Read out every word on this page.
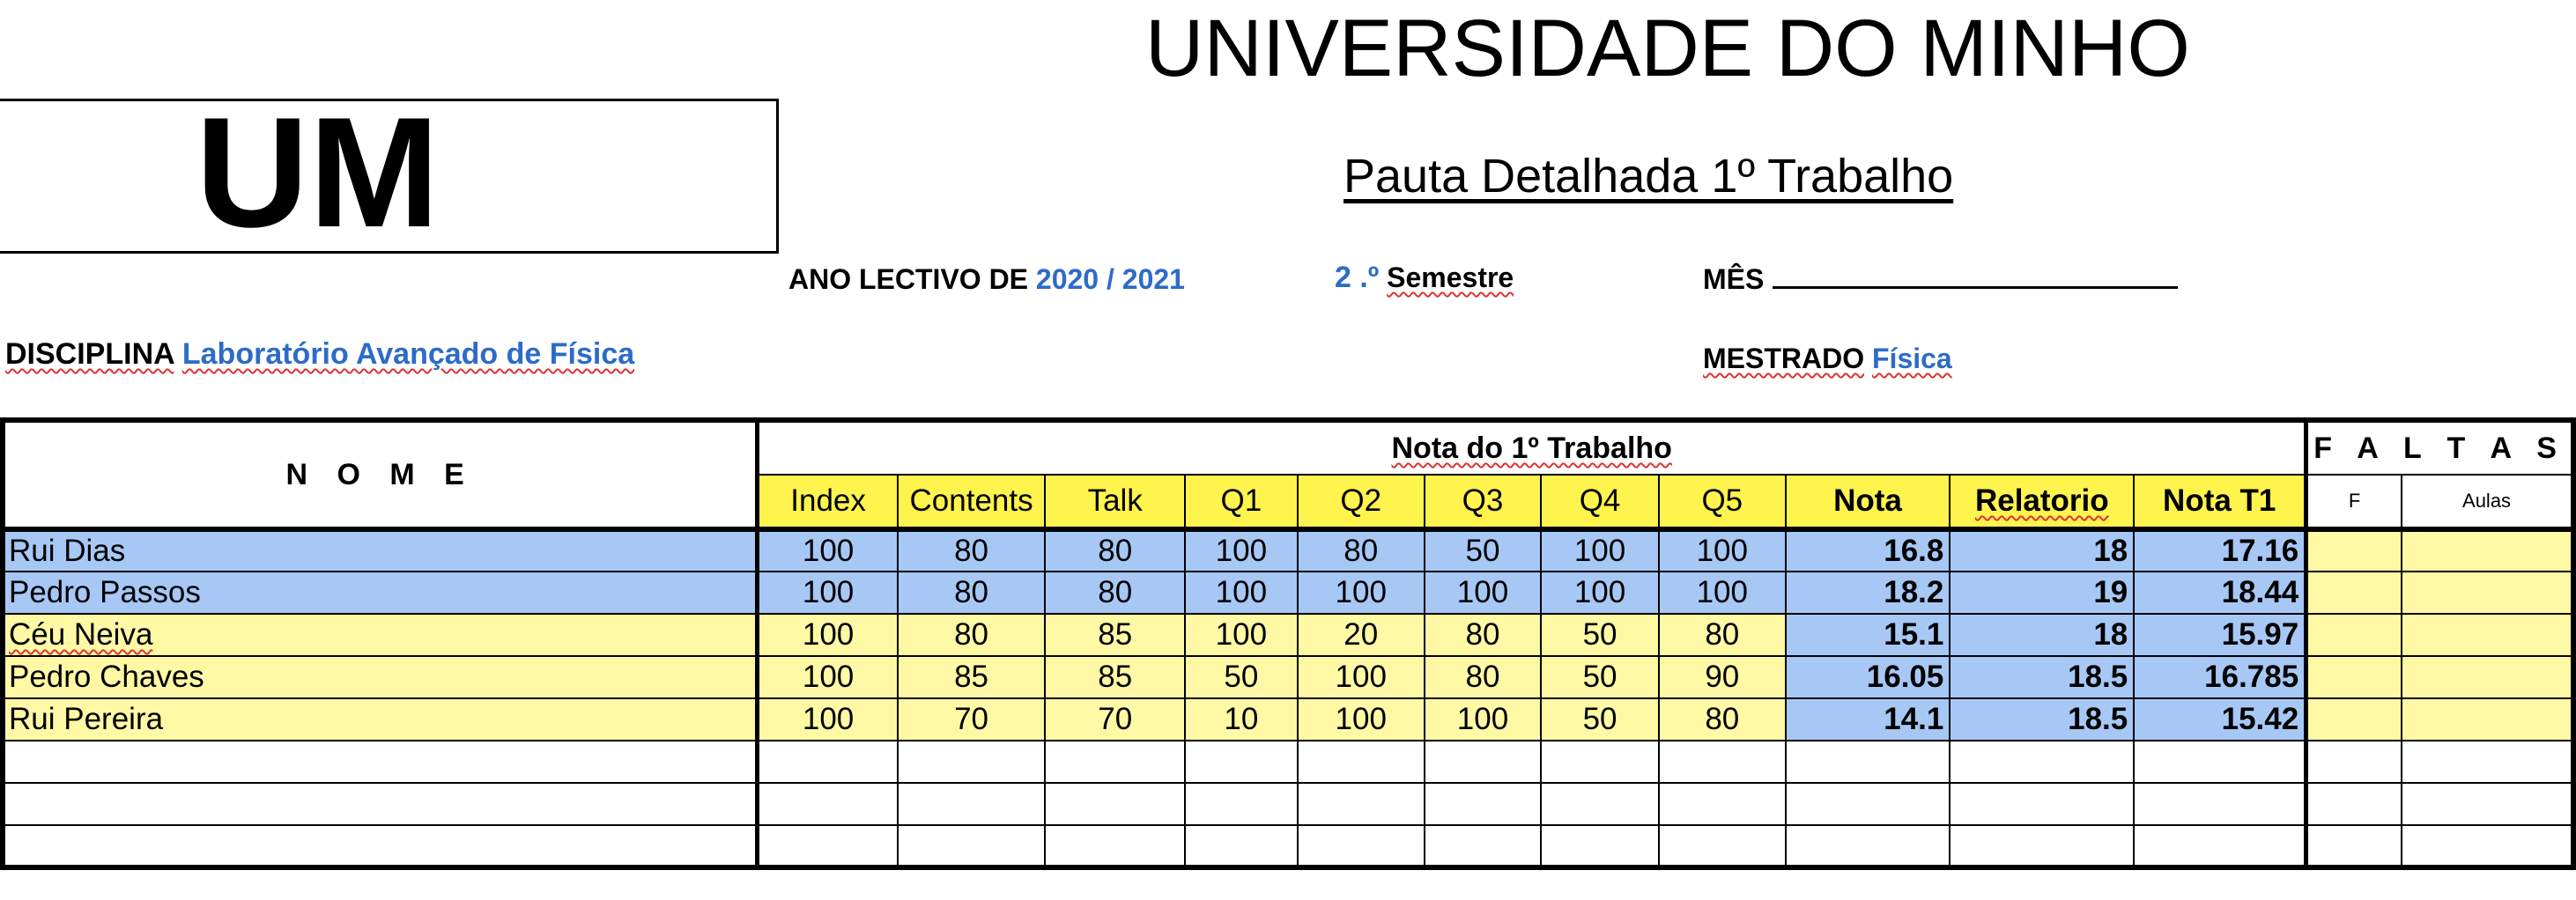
UNIVERSIDADE DO MINHO
UM	Pauta Detalhada 1º Trabalho
ANO LECTIVO DE 2020 / 2021	2 .º Semestre	MÊS
DISCIPLINA Laboratório Avançado de Física	MESTRADO Física
N O M E	Nota do 1º Trabalho											F A L T A S	
	Index	Contents	Talk	Q1	Q2	Q3	Q4	Q5	Nota	Relatorio	Nota T1	F	Aulas
Rui Dias	100	80	80	100	80	50	100	100	16.8	18	17.16		
Pedro Passos	100	80	80	100	100	100	100	100	18.2	19	18.44		
Céu Neiva	100	80	85	100	20	80	50	80	15.1	18	15.97		
Pedro Chaves	100	85	85	50	100	80	50	90	16.05	18.5	16.785		
Rui Pereira	100	70	70	10	100	100	50	80	14.1	18.5	15.42		
